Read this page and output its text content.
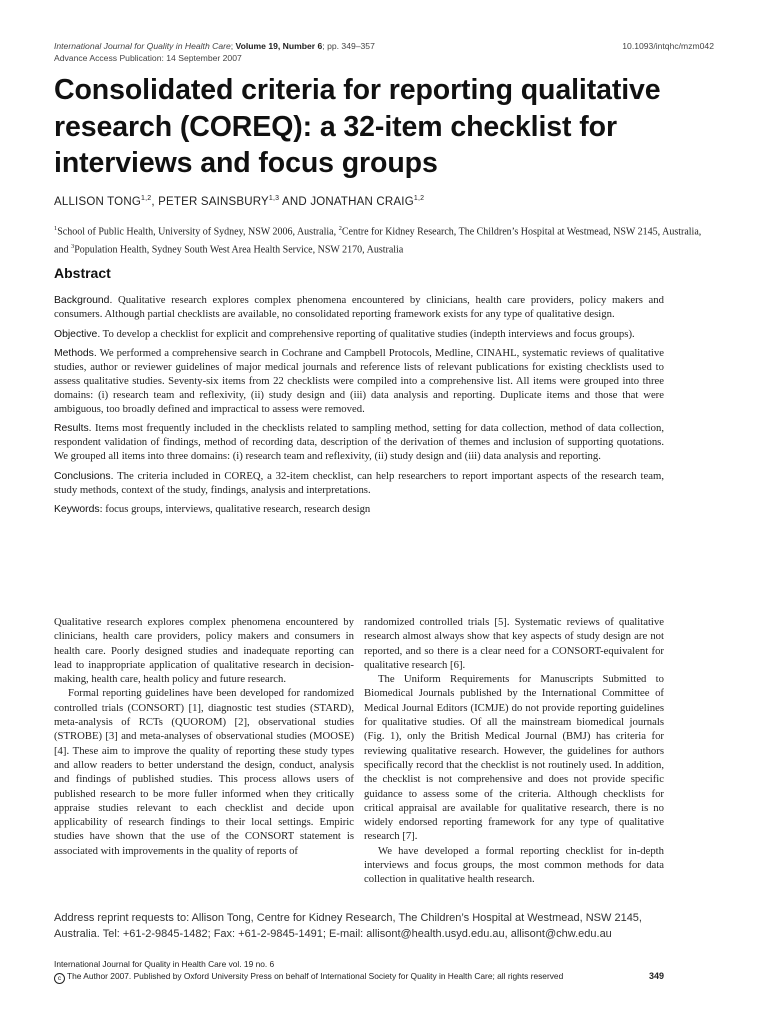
International Journal for Quality in Health Care; Volume 19, Number 6; pp. 349–357
Advance Access Publication: 14 September 2007
10.1093/intqhc/mzm042
Consolidated criteria for reporting qualitative research (COREQ): a 32-item checklist for interviews and focus groups
ALLISON TONG$^{1,2}$, PETER SAINSBURY$^{1,3}$ AND JONATHAN CRAIG$^{1,2}$
$^1$School of Public Health, University of Sydney, NSW 2006, Australia, $^2$Centre for Kidney Research, The Children’s Hospital at Westmead, NSW 2145, Australia, and $^3$Population Health, Sydney South West Area Health Service, NSW 2170, Australia
Abstract

Background. Qualitative research explores complex phenomena encountered by clinicians, health care providers, policy makers and consumers. Although partial checklists are available, no consolidated reporting framework exists for any type of qualitative design.

Objective. To develop a checklist for explicit and comprehensive reporting of qualitative studies (indepth interviews and focus groups).

Methods. We performed a comprehensive search in Cochrane and Campbell Protocols, Medline, CINAHL, systematic reviews of qualitative studies, author or reviewer guidelines of major medical journals and reference lists of relevant publications for existing checklists used to assess qualitative studies. Seventy-six items from 22 checklists were compiled into a comprehensive list. All items were grouped into three domains: (i) research team and reflexivity, (ii) study design and (iii) data analysis and reporting. Duplicate items and those that were ambiguous, too broadly defined and impractical to assess were removed.

Results. Items most frequently included in the checklists related to sampling method, setting for data collection, method of data collection, respondent validation of findings, method of recording data, description of the derivation of themes and inclusion of supporting quotations. We grouped all items into three domains: (i) research team and reflexivity, (ii) study design and (iii) data analysis and reporting.

Conclusions. The criteria included in COREQ, a 32-item checklist, can help researchers to report important aspects of the research team, study methods, context of the study, findings, analysis and interpretations.

Keywords: focus groups, interviews, qualitative research, research design

Qualitative research explores complex phenomena encountered by clinicians, health care providers, policy makers and consumers in health care. Poorly designed studies and inadequate reporting can lead to inappropriate application of qualitative research in decision-making, health care, health policy and future research.

Formal reporting guidelines have been developed for randomized controlled trials (CONSORT) [1], diagnostic test studies (STARD), meta-analysis of RCTs (QUOROM) [2], observational studies (STROBE) [3] and meta-analyses of observational studies (MOOSE) [4]. These aim to improve the quality of reporting these study types and allow readers to better understand the design, conduct, analysis and findings of published studies. This process allows users of published research to be more fuller informed when they critically appraise studies relevant to each checklist and decide upon applicability of research findings to their local settings. Empiric studies have shown that the use of the CONSORT statement is associated with improvements in the quality of reports of

randomized controlled trials [5]. Systematic reviews of qualitative research almost always show that key aspects of study design are not reported, and so there is a clear need for a CONSORT-equivalent for qualitative research [6].

The Uniform Requirements for Manuscripts Submitted to Biomedical Journals published by the International Committee of Medical Journal Editors (ICMJE) do not provide reporting guidelines for qualitative studies. Of all the mainstream biomedical journals (Fig. 1), only the British Medical Journal (BMJ) has criteria for reviewing qualitative research. However, the guidelines for authors specifically record that the checklist is not routinely used. In addition, the checklist is not comprehensive and does not provide specific guidance to assess some of the criteria. Although checklists for critical appraisal are available for qualitative research, there is no widely endorsed reporting framework for any type of qualitative research [7].

We have developed a formal reporting checklist for in-depth interviews and focus groups, the most common methods for data collection in qualitative health research.

Address reprint requests to: Allison Tong, Centre for Kidney Research, The Children’s Hospital at Westmead, NSW 2145, Australia. Tel: +61-2-9845-1482; Fax: +61-2-9845-1491; E-mail: allisont@health.usyd.edu.au, allisont@chw.edu.au
International Journal for Quality in Health Care vol. 19 no. 6
c The Author 2007. Published by Oxford University Press on behalf of International Society for Quality in Health Care; all rights reserved	349
